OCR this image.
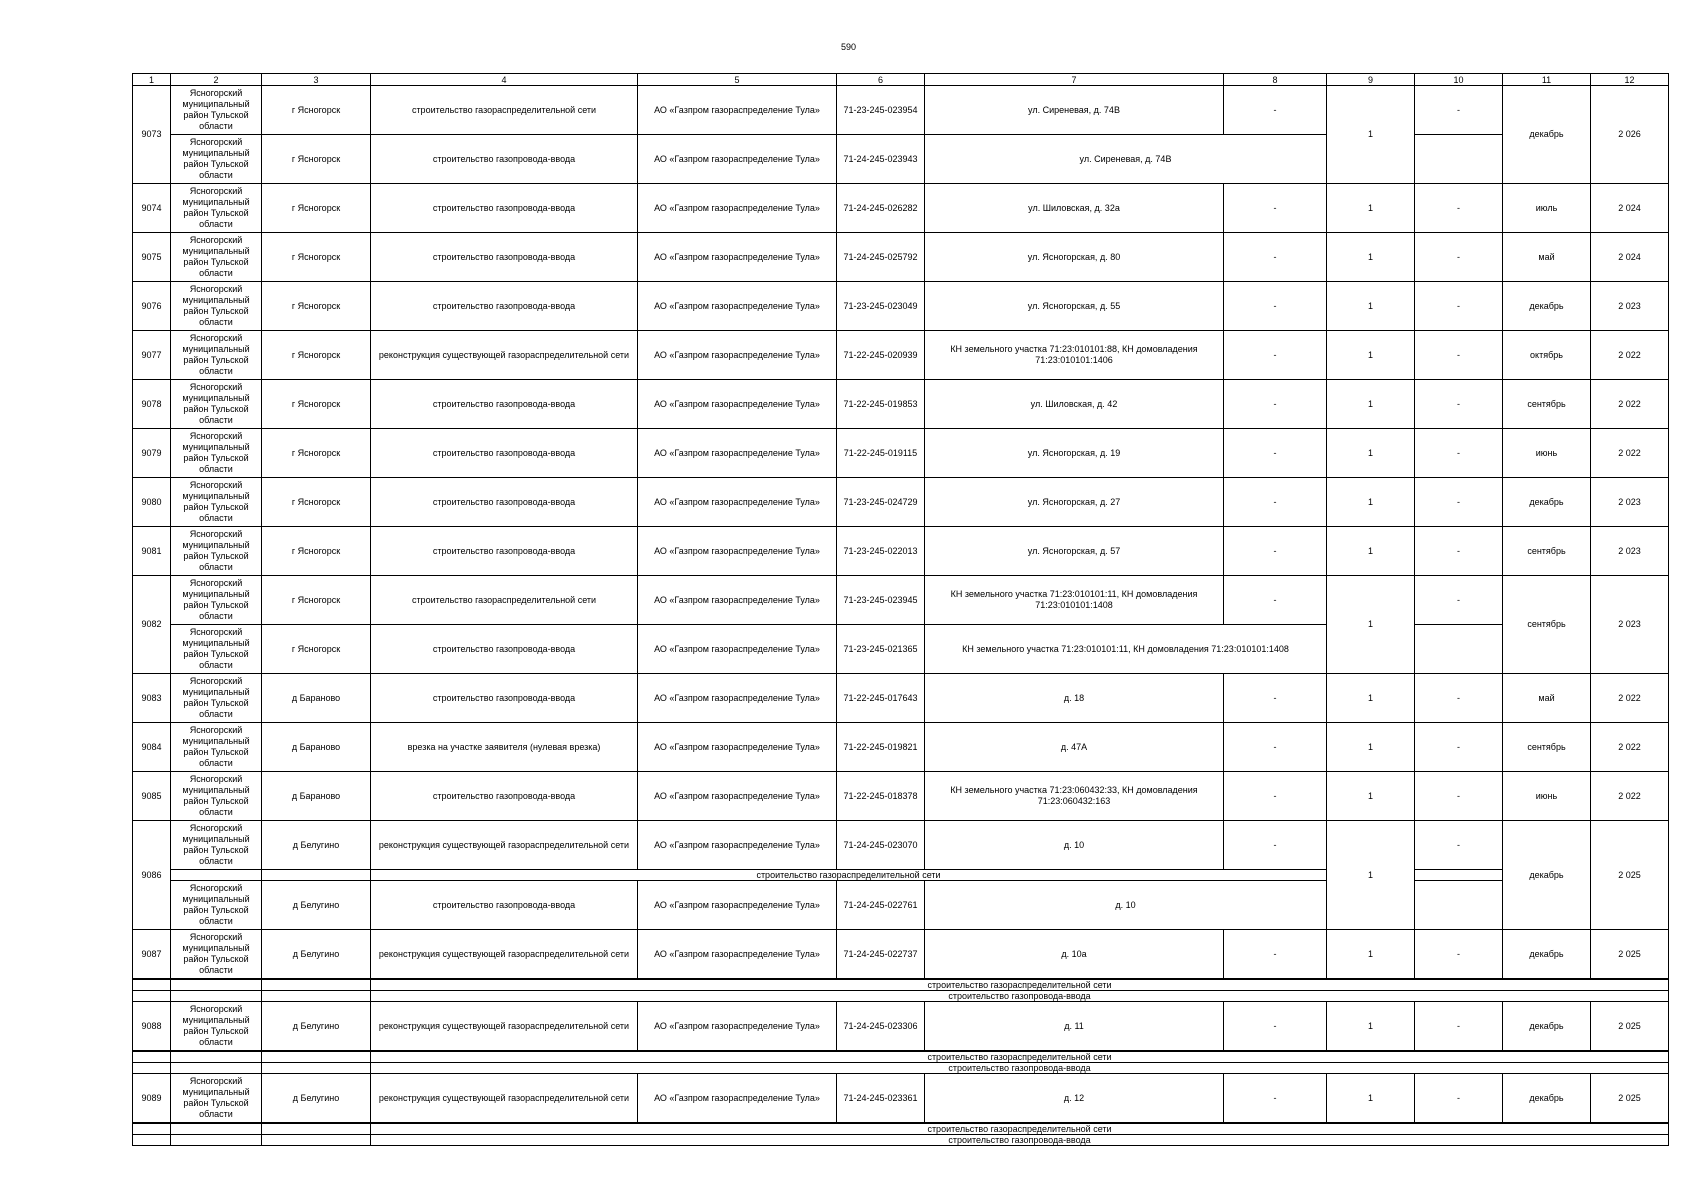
590
1	2	3	4	5	6	7	8	9	10	11	12
9073	Ясногорский муниципальный район Тульской области	г Ясногорск	строительство газораспределительной сети	АО «Газпром газораспределение Тула»	71-23-245-023954	ул. Сиреневая, д. 74В	-	1	-	декабрь	2 026
	Ясногорский муниципальный район Тульской области	г Ясногорск	строительство газопровода-ввода	АО «Газпром газораспределение Тула»	71-24-245-023943	ул. Сиреневая, д. 74В					
9074	Ясногорский муниципальный район Тульской области	г Ясногорск	строительство газопровода-ввода	АО «Газпром газораспределение Тула»	71-24-245-026282	ул. Шиловская, д. 32а	-	1	-	июль	2 024
9075	Ясногорский муниципальный район Тульской области	г Ясногорск	строительство газопровода-ввода	АО «Газпром газораспределение Тула»	71-24-245-025792	ул. Ясногорская, д. 80	-	1	-	май	2 024
9076	Ясногорский муниципальный район Тульской области	г Ясногорск	строительство газопровода-ввода	АО «Газпром газораспределение Тула»	71-23-245-023049	ул. Ясногорская, д. 55	-	1	-	декабрь	2 023
9077	Ясногорский муниципальный район Тульской области	г Ясногорск	реконструкция существующей газораспределительной сети	АО «Газпром газораспределение Тула»	71-22-245-020939	КН земельного участка 71:23:010101:88, КН домовладения 71:23:010101:1406	-	1	-	октябрь	2 022
9078	Ясногорский муниципальный район Тульской области	г Ясногорск	строительство газопровода-ввода	АО «Газпром газораспределение Тула»	71-22-245-019853	ул. Шиловская, д. 42	-	1	-	сентябрь	2 022
9079	Ясногорский муниципальный район Тульской области	г Ясногорск	строительство газопровода-ввода	АО «Газпром газораспределение Тула»	71-22-245-019115	ул. Ясногорская, д. 19	-	1	-	июнь	2 022
9080	Ясногорский муниципальный район Тульской области	г Ясногорск	строительство газопровода-ввода	АО «Газпром газораспределение Тула»	71-23-245-024729	ул. Ясногорская, д. 27	-	1	-	декабрь	2 023
9081	Ясногорский муниципальный район Тульской области	г Ясногорск	строительство газопровода-ввода	АО «Газпром газораспределение Тула»	71-23-245-022013	ул. Ясногорская, д. 57	-	1	-	сентябрь	2 023
9082	Ясногорский муниципальный район Тульской области	г Ясногорск	строительство газораспределительной сети	АО «Газпром газораспределение Тула»	71-23-245-023945	КН земельного участка 71:23:010101:11, КН домовладения 71:23:010101:1408	-	1	-	сентябрь	2 023
	Ясногорский муниципальный район Тульской области	г Ясногорск	строительство газопровода-ввода	АО «Газпром газораспределение Тула»	71-23-245-021365	КН земельного участка 71:23:010101:11, КН домовладения 71:23:010101:1408					
9083	Ясногорский муниципальный район Тульской области	д Бараново	строительство газопровода-ввода	АО «Газпром газораспределение Тула»	71-22-245-017643	д. 18	-	1	-	май	2 022
9084	Ясногорский муниципальный район Тульской области	д Бараново	врезка на участке заявителя (нулевая врезка)	АО «Газпром газораспределение Тула»	71-22-245-019821	д. 47А	-	1	-	сентябрь	2 022
9085	Ясногорский муниципальный район Тульской области	д Бараново	строительство газопровода-ввода	АО «Газпром газораспределение Тула»	71-22-245-018378	КН земельного участка 71:23:060432:33, КН домовладения 71:23:060432:163	-	1	-	июнь	2 022
9086	Ясногорский муниципальный район Тульской области	д Белугино	реконструкция существующей газораспределительной сети	АО «Газпром газораспределение Тула»	71-24-245-023070	д. 10	-	1	-	декабрь	2 025
			строительство газораспределительной сети								
	Ясногорский муниципальный район Тульской области	д Белугино	строительство газопровода-ввода	АО «Газпром газораспределение Тула»	71-24-245-022761	д. 10					
9087	Ясногорский муниципальный район Тульской области	д Белугино	реконструкция существующей газораспределительной сети	АО «Газпром газораспределение Тула»	71-24-245-022737	д. 10а	-	1	-	декабрь	2 025
			строительство газораспределительной сети								
			строительство газопровода-ввода								
9088	Ясногорский муниципальный район Тульской области	д Белугино	реконструкция существующей газораспределительной сети	АО «Газпром газораспределение Тула»	71-24-245-023306	д. 11	-	1	-	декабрь	2 025
			строительство газораспределительной сети								
			строительство газопровода-ввода								
9089	Ясногорский муниципальный район Тульской области	д Белугино	реконструкция существующей газораспределительной сети	АО «Газпром газораспределение Тула»	71-24-245-023361	д. 12	-	1	-	декабрь	2 025
			строительство газораспределительной сети								
			строительство газопровода-ввода								
